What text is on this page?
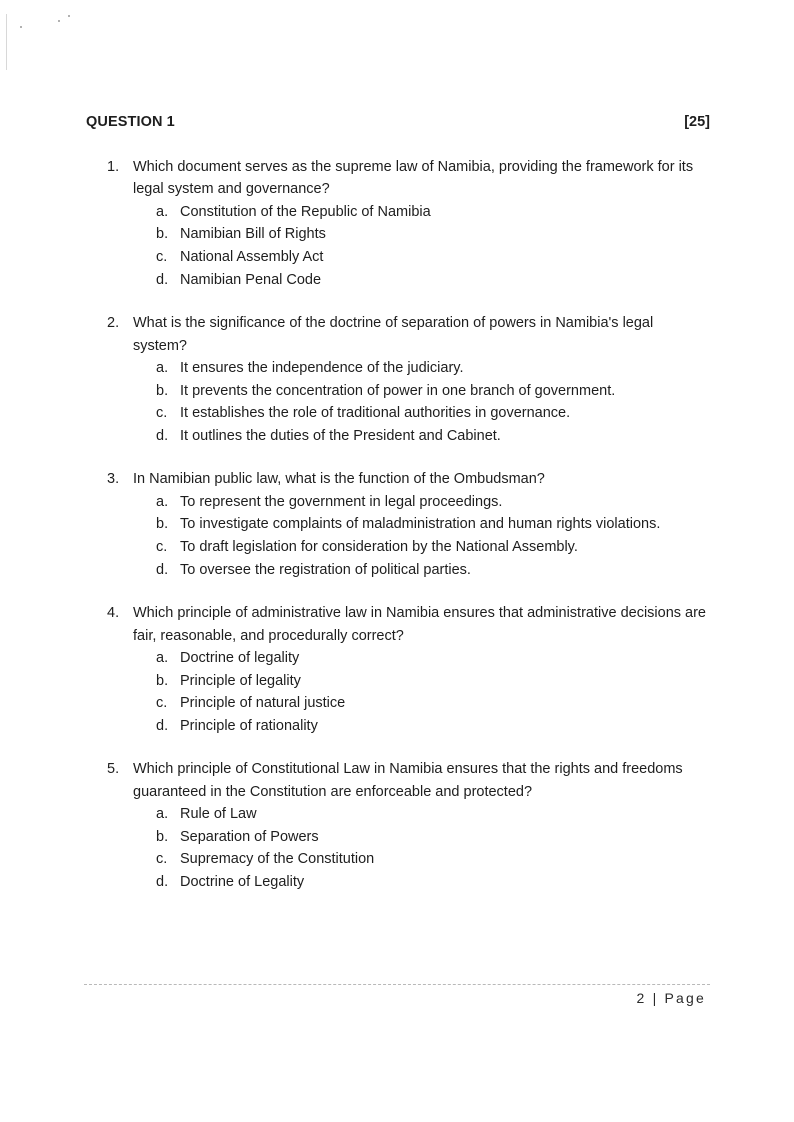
QUESTION 1	[25]
1. Which document serves as the supreme law of Namibia, providing the framework for its legal system and governance?
a. Constitution of the Republic of Namibia
b. Namibian Bill of Rights
c. National Assembly Act
d. Namibian Penal Code
2. What is the significance of the doctrine of separation of powers in Namibia's legal system?
a. It ensures the independence of the judiciary.
b. It prevents the concentration of power in one branch of government.
c. It establishes the role of traditional authorities in governance.
d. It outlines the duties of the President and Cabinet.
3. In Namibian public law, what is the function of the Ombudsman?
a. To represent the government in legal proceedings.
b. To investigate complaints of maladministration and human rights violations.
c. To draft legislation for consideration by the National Assembly.
d. To oversee the registration of political parties.
4. Which principle of administrative law in Namibia ensures that administrative decisions are fair, reasonable, and procedurally correct?
a. Doctrine of legality
b. Principle of legality
c. Principle of natural justice
d. Principle of rationality
5. Which principle of Constitutional Law in Namibia ensures that the rights and freedoms guaranteed in the Constitution are enforceable and protected?
a. Rule of Law
b. Separation of Powers
c. Supremacy of the Constitution
d. Doctrine of Legality
2 | Page
